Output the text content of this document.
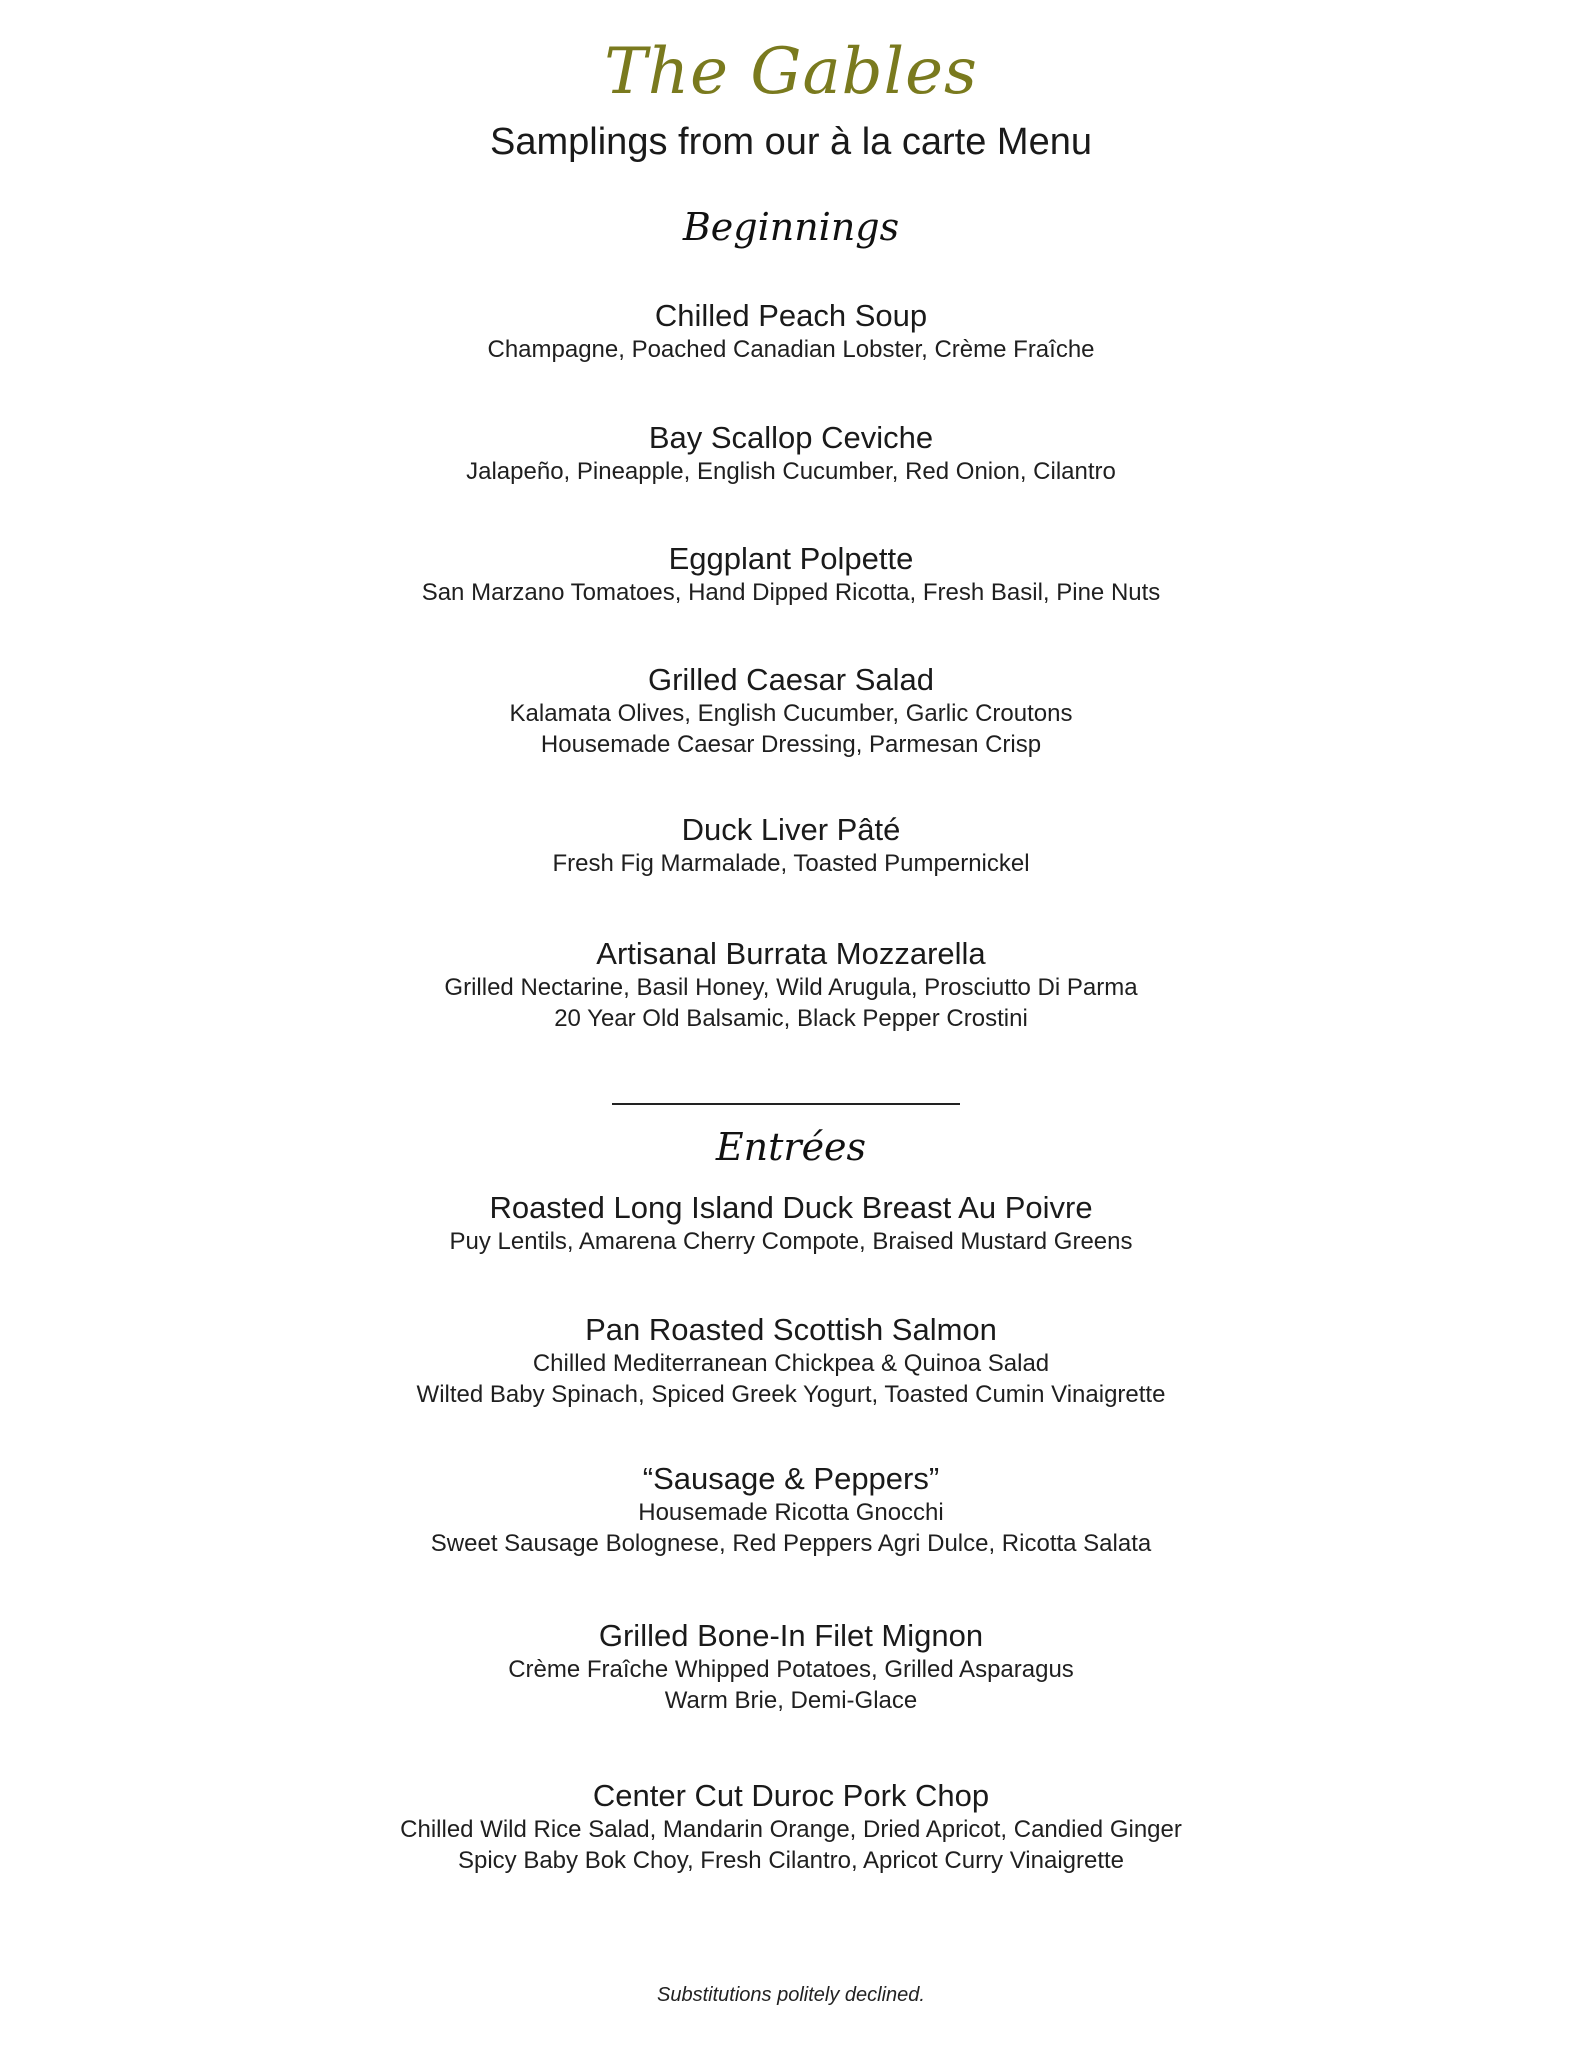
The Gables
Samplings from our à la carte Menu
Beginnings
Chilled Peach Soup
Champagne, Poached Canadian Lobster, Crème Fraîche
Bay Scallop Ceviche
Jalapeño, Pineapple, English Cucumber, Red Onion, Cilantro
Eggplant Polpette
San Marzano Tomatoes, Hand Dipped Ricotta, Fresh Basil, Pine Nuts
Grilled Caesar Salad
Kalamata Olives, English Cucumber, Garlic Croutons
Housemade Caesar Dressing, Parmesan Crisp
Duck Liver Pâté
Fresh Fig Marmalade, Toasted Pumpernickel
Artisanal Burrata Mozzarella
Grilled Nectarine, Basil Honey, Wild Arugula, Prosciutto Di Parma
20 Year Old Balsamic, Black Pepper Crostini
Entrées
Roasted Long Island Duck Breast Au Poivre
Puy Lentils, Amarena Cherry Compote, Braised Mustard Greens
Pan Roasted Scottish Salmon
Chilled Mediterranean Chickpea & Quinoa Salad
Wilted Baby Spinach, Spiced Greek Yogurt, Toasted Cumin Vinaigrette
“Sausage & Peppers”
Housemade Ricotta Gnocchi
Sweet Sausage Bolognese, Red Peppers Agri Dulce, Ricotta Salata
Grilled Bone-In Filet Mignon
Crème Fraîche Whipped Potatoes, Grilled Asparagus
Warm Brie, Demi-Glace
Center Cut Duroc Pork Chop
Chilled Wild Rice Salad, Mandarin Orange, Dried Apricot, Candied Ginger
Spicy Baby Bok Choy, Fresh Cilantro, Apricot Curry Vinaigrette
Substitutions politely declined.
